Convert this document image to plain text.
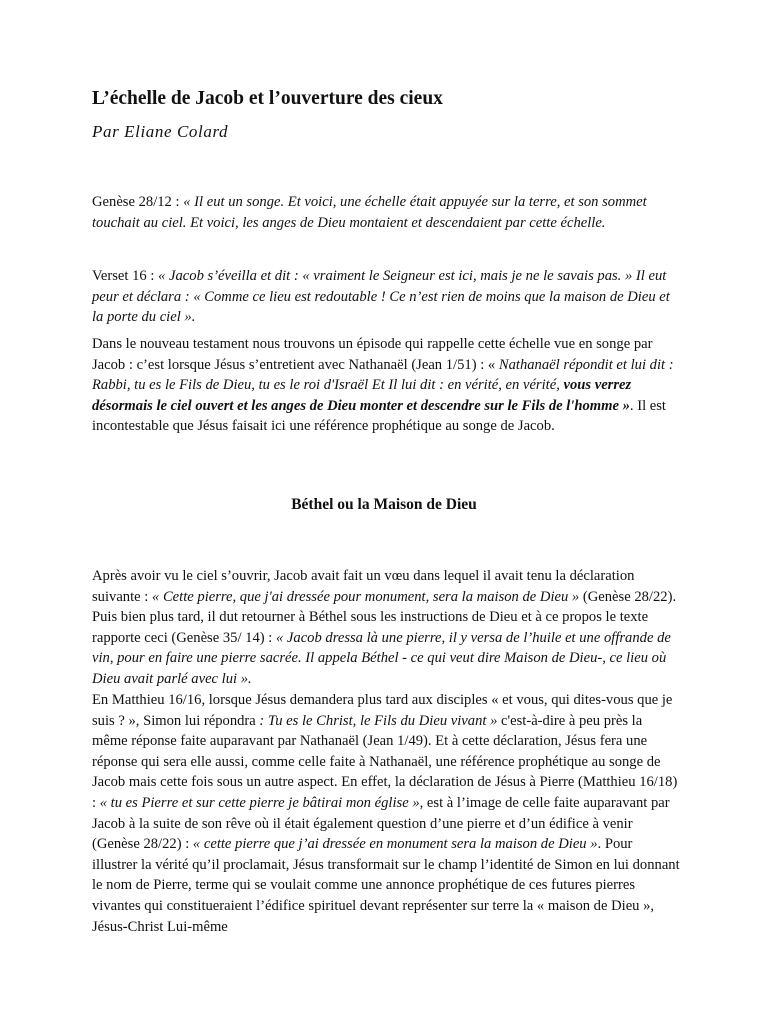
L’échelle de Jacob et l’ouverture des cieux
Par Eliane Colard

Genèse 28/12 : « Il eut un songe. Et voici, une échelle était appuyée sur la terre, et son sommet touchait au ciel. Et voici, les anges de Dieu montaient et descendaient par cette échelle.

Verset 16 : « Jacob s’éveilla et dit : « vraiment le Seigneur est ici, mais je ne le savais pas. » Il eut peur et déclara : « Comme ce lieu est redoutable ! Ce n’est rien de moins que la maison de Dieu et la porte du ciel ».

Dans le nouveau testament nous trouvons un épisode qui rappelle cette échelle vue en songe par Jacob : c’est lorsque Jésus s’entretient avec Nathanaël (Jean 1/51) : « Nathanaël répondit et lui dit : Rabbi, tu es le Fils de Dieu, tu es le roi d'Israël Et Il lui dit : en vérité, en vérité, vous verrez désormais le ciel ouvert et les anges de Dieu monter et descendre sur le Fils de l'homme ». Il est incontestable que Jésus faisait ici une référence prophétique au songe de Jacob.

Béthel ou la Maison de Dieu

Après avoir vu le ciel s’ouvrir, Jacob avait fait un vœu dans lequel il avait tenu la déclaration suivante : « Cette pierre, que j'ai dressée pour monument, sera la maison de Dieu » (Genèse 28/22). Puis bien plus tard, il dut retourner à Béthel sous les instructions de Dieu et à ce propos le texte rapporte ceci (Genèse 35/ 14) : « Jacob dressa là une pierre, il y versa de l’huile et une offrande de vin, pour en faire une pierre sacrée. Il appela Béthel - ce qui veut dire Maison de Dieu-, ce lieu où Dieu avait parlé avec lui ».

En Matthieu 16/16, lorsque Jésus demandera plus tard aux disciples « et vous, qui dites-vous que je suis ? », Simon lui répondra : Tu es le Christ, le Fils du Dieu vivant » c'est-à-dire à peu près la même réponse faite auparavant par Nathanaël (Jean 1/49). Et à cette déclaration, Jésus fera une réponse qui sera elle aussi, comme celle faite à Nathanaël, une référence prophétique au songe de Jacob mais cette fois sous un autre aspect. En effet, la déclaration de Jésus à Pierre (Matthieu 16/18) : « tu es Pierre et sur cette pierre je bâtirai mon église », est à l’image de celle faite auparavant par Jacob à la suite de son rêve où il était également question d’une pierre et d’un édifice à venir (Genèse 28/22) : « cette pierre que j’ai dressée en monument sera la maison de Dieu ». Pour illustrer la vérité qu’il proclamait, Jésus transformait sur le champ l’identité de Simon en lui donnant le nom de Pierre, terme qui se voulait comme une annonce prophétique de ces futures pierres vivantes qui constitueraient l’édifice spirituel devant représenter sur terre la « maison de Dieu », Jésus-Christ Lui-même
